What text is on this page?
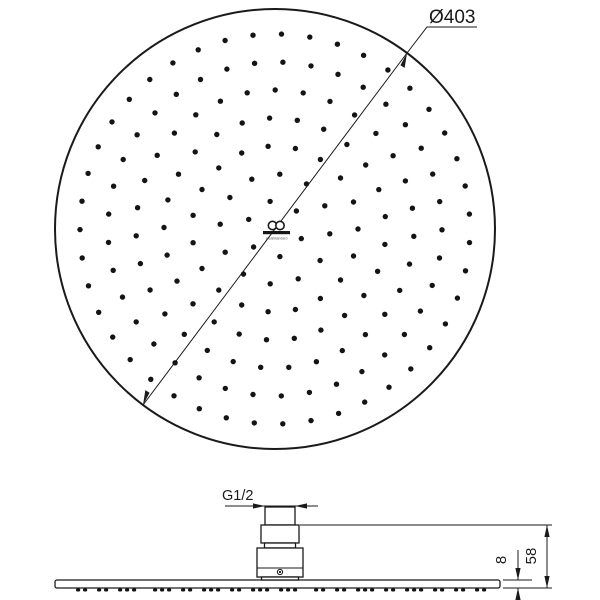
Ø403
IdealStandard
G1/2
58
8
